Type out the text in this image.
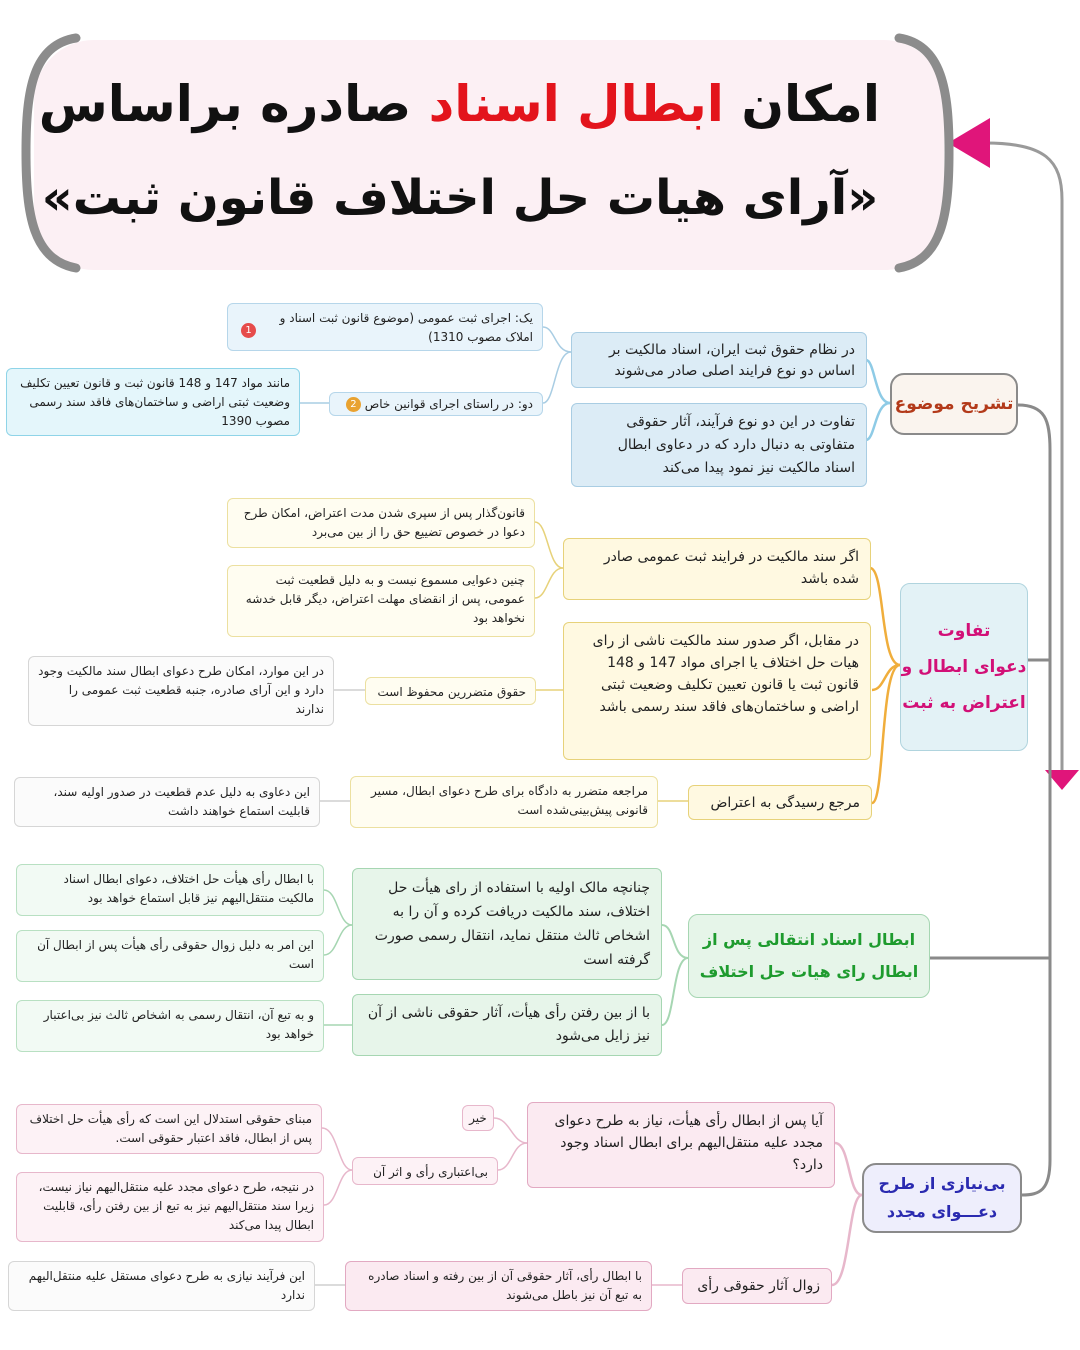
امکان ابطال اسناد صادره براساس
«آرای هیات حل اختلاف قانون ثبت»
تشریح موضوع
در نظام حقوق ثبت ایران، اسناد مالکیت بر اساس دو نوع فرایند اصلی صادر می‌شوند
تفاوت در این دو نوع فرآیند، آثار حقوقی متفاوتی به دنبال دارد که در دعاوی ابطال اسناد مالکیت نیز نمود پیدا می‌کند
1
یک: اجرای ثبت عمومی (موضوع قانون ثبت اسناد و املاک مصوب 1310)
دو: در راستای اجرای قوانین خاص 2
مانند مواد 147 و 148 قانون ثبت و قانون تعیین تکلیف وضعیت ثبتی اراضی و ساختمان‌های فاقد سند رسمی مصوب 1390
تفاوت
دعوای ابطال و
اعتراض به ثبت
اگر سند مالکیت در فرایند ثبت عمومی صادر شده باشد
قانون‌گذار پس از سپری شدن مدت اعتراض، امکان طرح دعوا در خصوص تضییع حق را از بین می‌برد
چنین دعوایی مسموع نیست و به دلیل قطعیت ثبت عمومی، پس از انقضای مهلت اعتراض، دیگر قابل خدشه نخواهد بود
در مقابل، اگر صدور سند مالکیت ناشی از رای هیات حل اختلاف یا اجرای مواد 147 و 148 قانون ثبت یا قانون تعیین تکلیف وضعیت ثبتی اراضی و ساختمان‌های فاقد سند رسمی باشد
حقوق متضررین محفوظ است
در این موارد، امکان طرح دعوای ابطال سند مالکیت وجود دارد و این آرای صادره، جنبه قطعیت ثبت عمومی را ندارند
مرجع رسیدگی به اعتراض
مراجعه متضرر به دادگاه برای طرح دعوای ابطال، مسیر قانونی پیش‌بینی‌شده است
این دعاوی به دلیل عدم قطعیت در صدور اولیه سند، قابلیت استماع خواهند داشت
ابطال اسناد انتقالی پس از
ابطال رای هیات حل اختلاف
چنانچه مالک اولیه با استفاده از رای هیأت حل اختلاف، سند مالکیت دریافت کرده و آن را به اشخاص ثالث منتقل نماید، انتقال رسمی صورت گرفته است
با ابطال رأی هیأت حل اختلاف، دعوای ابطال اسناد مالکیت منتقل‌الیهم نیز قابل استماع خواهد بود
این امر به دلیل زوال حقوقی رأی هیأت پس از ابطال آن است
با از بین رفتن رأی هیأت، آثار حقوقی ناشی از آن نیز زایل می‌شود
و به تبع آن، انتقال رسمی به اشخاص ثالث نیز بی‌اعتبار خواهد بود
بی‌نیازی از طرح
دعـــوای مجدد
آیا پس از ابطال رأی هیأت، نیاز به طرح دعوای مجدد علیه منتقل‌الیهم برای ابطال اسناد وجود دارد؟
خیر
بی‌اعتباری رأی و اثر آن
مبنای حقوقی استدلال این است که رأی هیأت حل اختلاف پس از ابطال، فاقد اعتبار حقوقی است.
در نتیجه، طرح دعوای مجدد علیه منتقل‌الیهم نیاز نیست، زیرا سند منتقل‌الیهم نیز به تبع از بین رفتن رأی، قابلیت ابطال پیدا می‌کند
زوال آثار حقوقی رأی
با ابطال رأی، آثار حقوقی آن از بین رفته و اسناد صادره به تبع آن نیز باطل می‌شوند
این فرآیند نیازی به طرح دعوای مستقل علیه منتقل‌الیهم ندارد
